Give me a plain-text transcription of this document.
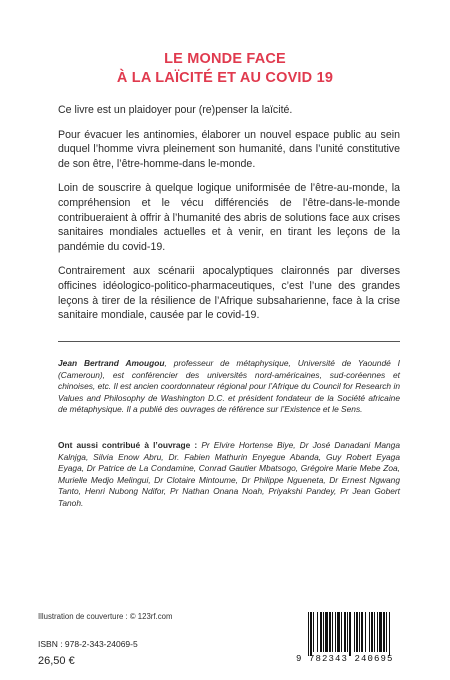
LE MONDE FACE
À LA LAÏCITÉ ET AU COVID 19

Ce livre est un plaidoyer pour (re)penser la laïcité.

Pour évacuer les antinomies, élaborer un nouvel espace public au sein duquel l’homme vivra pleinement son humanité, dans l’unité constitutive de son être, l’être-homme-dans le-monde.

Loin de souscrire à quelque logique uniformisée de l’être-au-monde, la compréhension et le vécu différenciés de l’être-dans-le-monde contribueraient à offrir à l’humanité des abris de solutions face aux crises sanitaires mondiales actuelles et à venir, en tirant les leçons de la pandémie du covid-19.

Contrairement aux scénarii apocalyptiques claironnés par diverses officines idéologico-politico-pharmaceutiques, c’est l’une des grandes leçons à tirer de la résilience de l’Afrique subsaharienne, face à la crise sanitaire mondiale, causée par le covid-19.

Jean Bertrand Amougou, professeur de métaphysique, Université de Yaoundé I (Cameroun), est conférencier des universités nord-américaines, sud-coréennes et chinoises, etc. Il est ancien coordonnateur régional pour l’Afrique du Council for Research in Values and Philosophy de Washington D.C. et président fondateur de la Société africaine de métaphysique. Il a publié des ouvrages de référence sur l’Existence et le Sens.

Ont aussi contribué à l’ouvrage : Pr Elvire Hortense Biye, Dr José Danadani Manga Kalnjga, Silvia Enow Abru, Dr. Fabien Mathurin Enyegue Abanda, Guy Robert Eyaga Eyaga, Dr Patrice de La Condamine, Conrad Gautier Mbatsogo, Grégoire Marie Mebe Zoa, Murielle Medjo Melingui, Dr Clotaire Mintoume, Dr Philippe Ngueneta, Dr Ernest Ngwang Tanto, Henri Nubong Ndifor, Pr Nathan Onana Noah, Priyakshi Pandey, Pr Jean Gobert Tanoh.

Illustration de couverture : © 123rf.com
ISBN : 978-2-343-24069-5
26,50 €	9 782343 240695
